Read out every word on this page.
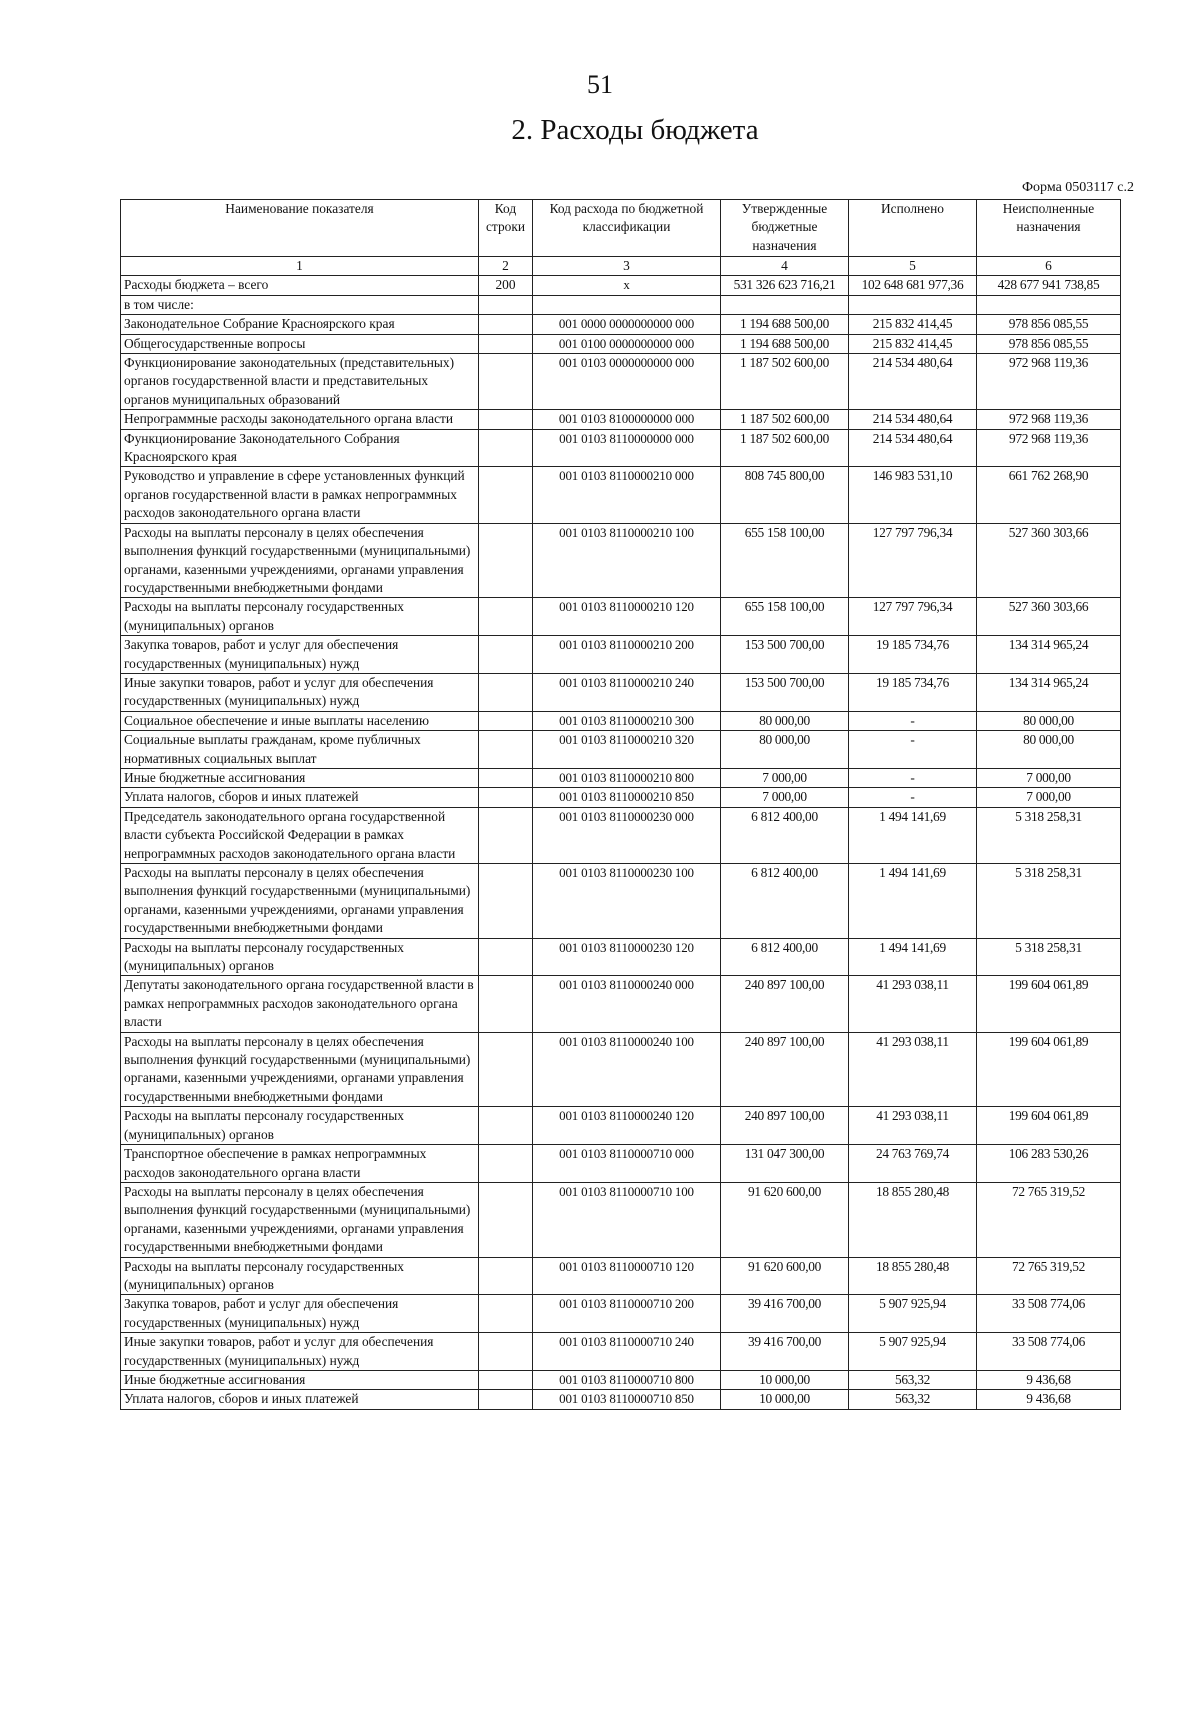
51
2. Расходы бюджета
Форма 0503117 с.2
Наименование показателя	Код строки	Код расхода по бюджетной классификации	Утвержденные бюджетные назначения	Исполнено	Неисполненные назначения
1	2	3	4	5	6
Расходы бюджета – всего	200	x	531 326 623 716,21	102 648 681 977,36	428 677 941 738,85
в том числе:					
Законодательное Собрание Красноярского края		001 0000 0000000000 000	1 194 688 500,00	215 832 414,45	978 856 085,55
Общегосударственные вопросы		001 0100 0000000000 000	1 194 688 500,00	215 832 414,45	978 856 085,55
Функционирование законодательных (представительных) органов государственной власти и представительных органов муниципальных образований		001 0103 0000000000 000	1 187 502 600,00	214 534 480,64	972 968 119,36
Непрограммные расходы законодательного органа власти		001 0103 8100000000 000	1 187 502 600,00	214 534 480,64	972 968 119,36
Функционирование Законодательного Собрания Красноярского края		001 0103 8110000000 000	1 187 502 600,00	214 534 480,64	972 968 119,36
Руководство и управление в сфере установленных функций органов государственной власти в рамках непрограммных расходов законодательного органа власти		001 0103 8110000210 000	808 745 800,00	146 983 531,10	661 762 268,90
Расходы на выплаты персоналу в целях обеспечения выполнения функций государственными (муниципальными) органами, казенными учреждениями, органами управления государственными внебюджетными фондами		001 0103 8110000210 100	655 158 100,00	127 797 796,34	527 360 303,66
Расходы на выплаты персоналу государственных (муниципальных) органов		001 0103 8110000210 120	655 158 100,00	127 797 796,34	527 360 303,66
Закупка товаров, работ и услуг для обеспечения государственных (муниципальных) нужд		001 0103 8110000210 200	153 500 700,00	19 185 734,76	134 314 965,24
Иные закупки товаров, работ и услуг для обеспечения государственных (муниципальных) нужд		001 0103 8110000210 240	153 500 700,00	19 185 734,76	134 314 965,24
Социальное обеспечение и иные выплаты населению		001 0103 8110000210 300	80 000,00	-	80 000,00
Социальные выплаты гражданам, кроме публичных нормативных социальных выплат		001 0103 8110000210 320	80 000,00	-	80 000,00
Иные бюджетные ассигнования		001 0103 8110000210 800	7 000,00	-	7 000,00
Уплата налогов, сборов и иных платежей		001 0103 8110000210 850	7 000,00	-	7 000,00
Председатель законодательного органа государственной власти субъекта Российской Федерации в рамках непрограммных расходов законодательного органа власти		001 0103 8110000230 000	6 812 400,00	1 494 141,69	5 318 258,31
Расходы на выплаты персоналу в целях обеспечения выполнения функций государственными (муниципальными) органами, казенными учреждениями, органами управления государственными внебюджетными фондами		001 0103 8110000230 100	6 812 400,00	1 494 141,69	5 318 258,31
Расходы на выплаты персоналу государственных (муниципальных) органов		001 0103 8110000230 120	6 812 400,00	1 494 141,69	5 318 258,31
Депутаты законодательного органа государственной власти в рамках непрограммных расходов законодательного органа власти		001 0103 8110000240 000	240 897 100,00	41 293 038,11	199 604 061,89
Расходы на выплаты персоналу в целях обеспечения выполнения функций государственными (муниципальными) органами, казенными учреждениями, органами управления государственными внебюджетными фондами		001 0103 8110000240 100	240 897 100,00	41 293 038,11	199 604 061,89
Расходы на выплаты персоналу государственных (муниципальных) органов		001 0103 8110000240 120	240 897 100,00	41 293 038,11	199 604 061,89
Транспортное обеспечение в рамках непрограммных расходов законодательного органа власти		001 0103 8110000710 000	131 047 300,00	24 763 769,74	106 283 530,26
Расходы на выплаты персоналу в целях обеспечения выполнения функций государственными (муниципальными) органами, казенными учреждениями, органами управления государственными внебюджетными фондами		001 0103 8110000710 100	91 620 600,00	18 855 280,48	72 765 319,52
Расходы на выплаты персоналу государственных (муниципальных) органов		001 0103 8110000710 120	91 620 600,00	18 855 280,48	72 765 319,52
Закупка товаров, работ и услуг для обеспечения государственных (муниципальных) нужд		001 0103 8110000710 200	39 416 700,00	5 907 925,94	33 508 774,06
Иные закупки товаров, работ и услуг для обеспечения государственных (муниципальных) нужд		001 0103 8110000710 240	39 416 700,00	5 907 925,94	33 508 774,06
Иные бюджетные ассигнования		001 0103 8110000710 800	10 000,00	563,32	9 436,68
Уплата налогов, сборов и иных платежей		001 0103 8110000710 850	10 000,00	563,32	9 436,68
